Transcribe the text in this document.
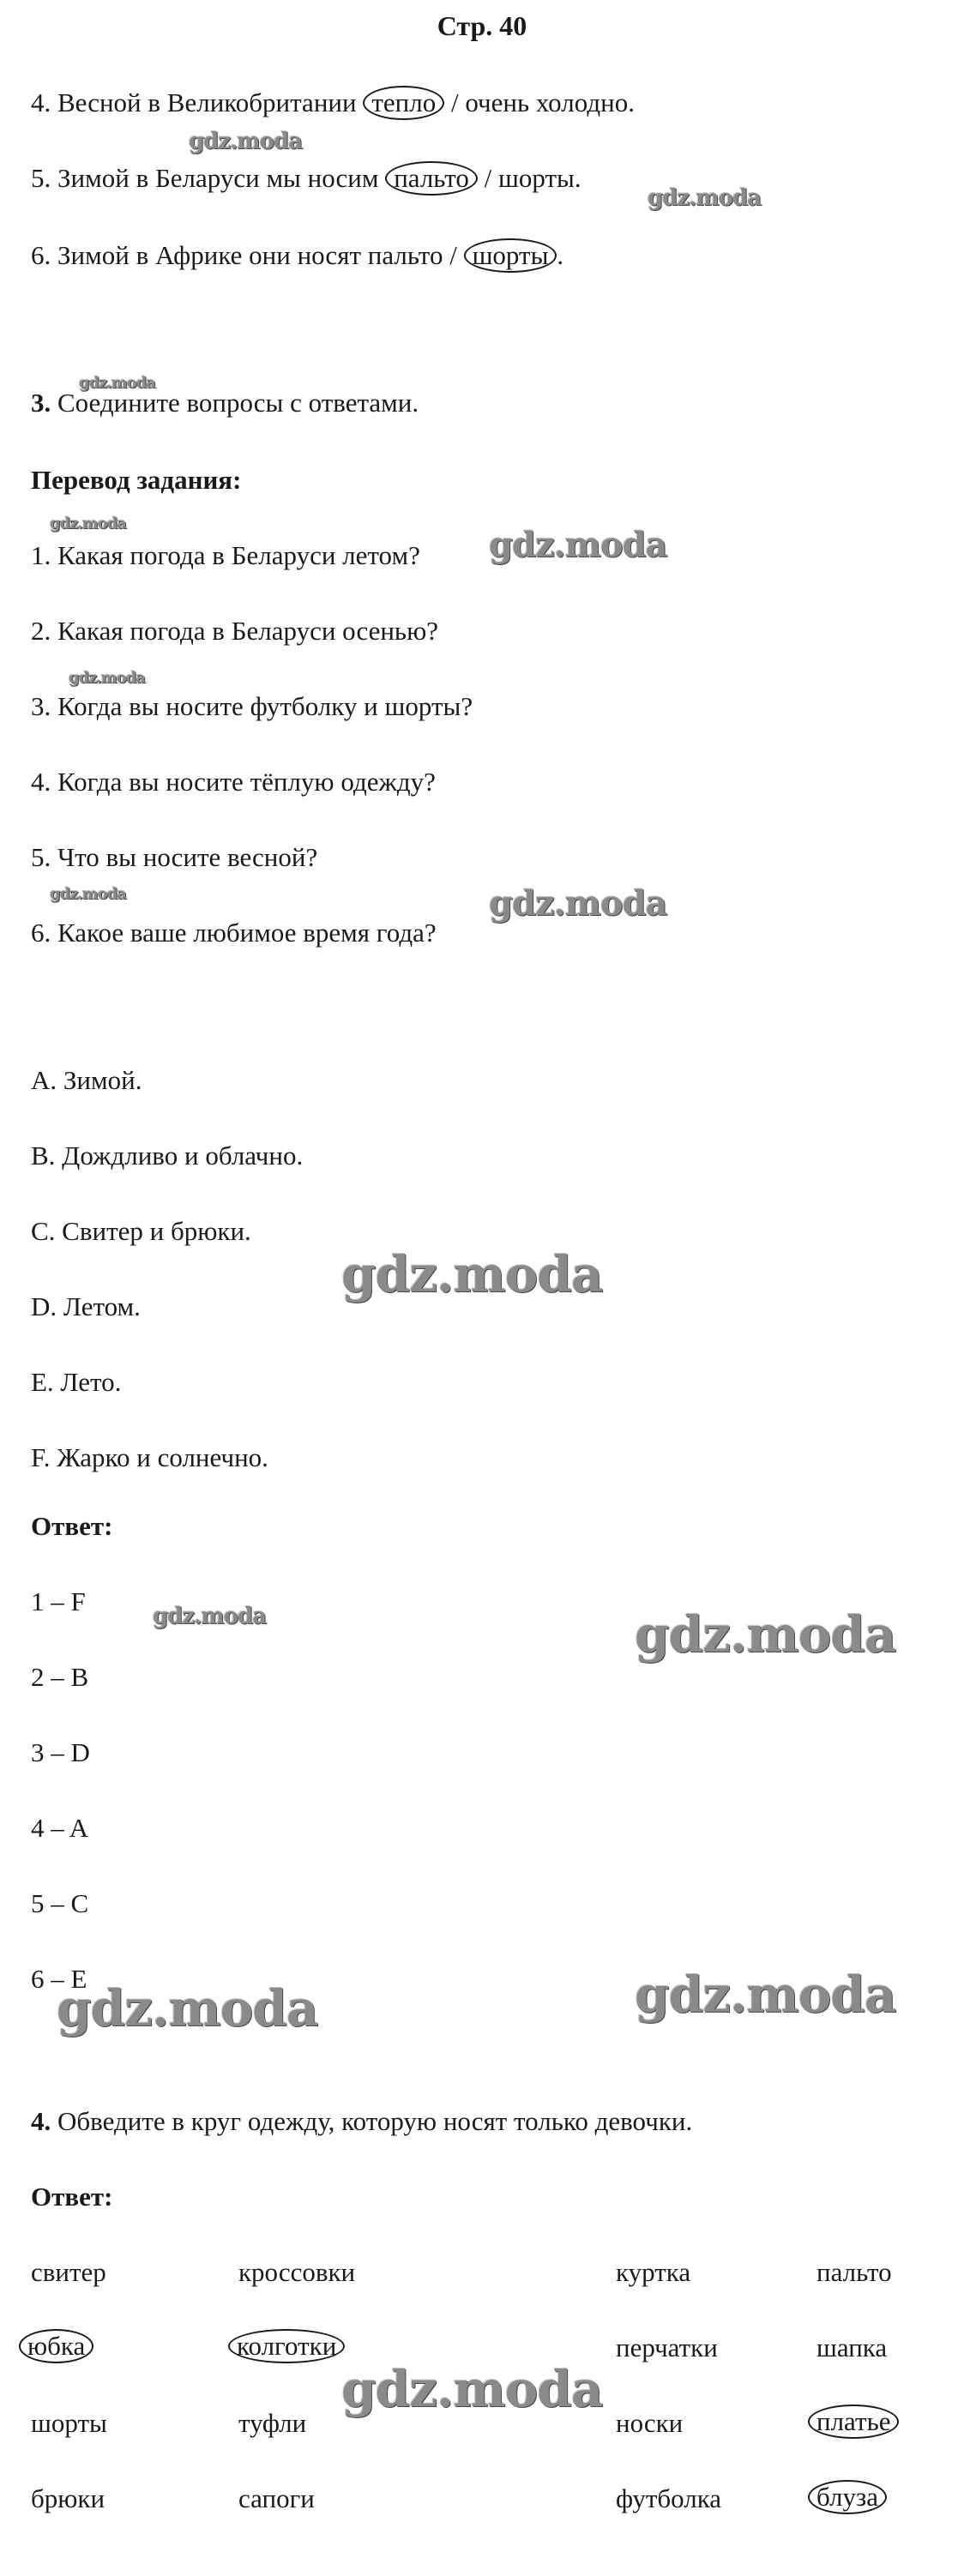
Стр. 40
4. Весной в Великобритании тепло / очень холодно.
5. Зимой в Беларуси мы носим пальто / шорты.
6. Зимой в Африке они носят пальто / шорты .
3. Соедините вопросы с ответами.
Перевод задания:
1. Какая погода в Беларуси летом?
2. Какая погода в Беларуси осенью?
3. Когда вы носите футболку и шорты?
4. Когда вы носите тёплую одежду?
5. Что вы носите весной?
6. Какое ваше любимое время года?
A. Зимой.
B. Дождливо и облачно.
C. Свитер и брюки.
D. Летом.
E. Лето.
F. Жарко и солнечно.
Ответ:
1 – F
2 – B
3 – D
4 – A
5 – C
6 – E
4. Обведите в круг одежду, которую носят только девочки.
Ответ:
свитер	кроссовки	куртка	пальто
юбка	колготки	перчатки	шапка
шорты	туфли	носки	платье
брюки	сапоги	футболка	блуза
gdz.moda
gdz.moda
gdz.moda
gdz.moda
gdz.moda
gdz.moda
gdz.moda	gdz.moda
gdz.moda
gdz.moda	gdz.moda
gdz.moda	gdz.moda
gdz.moda
